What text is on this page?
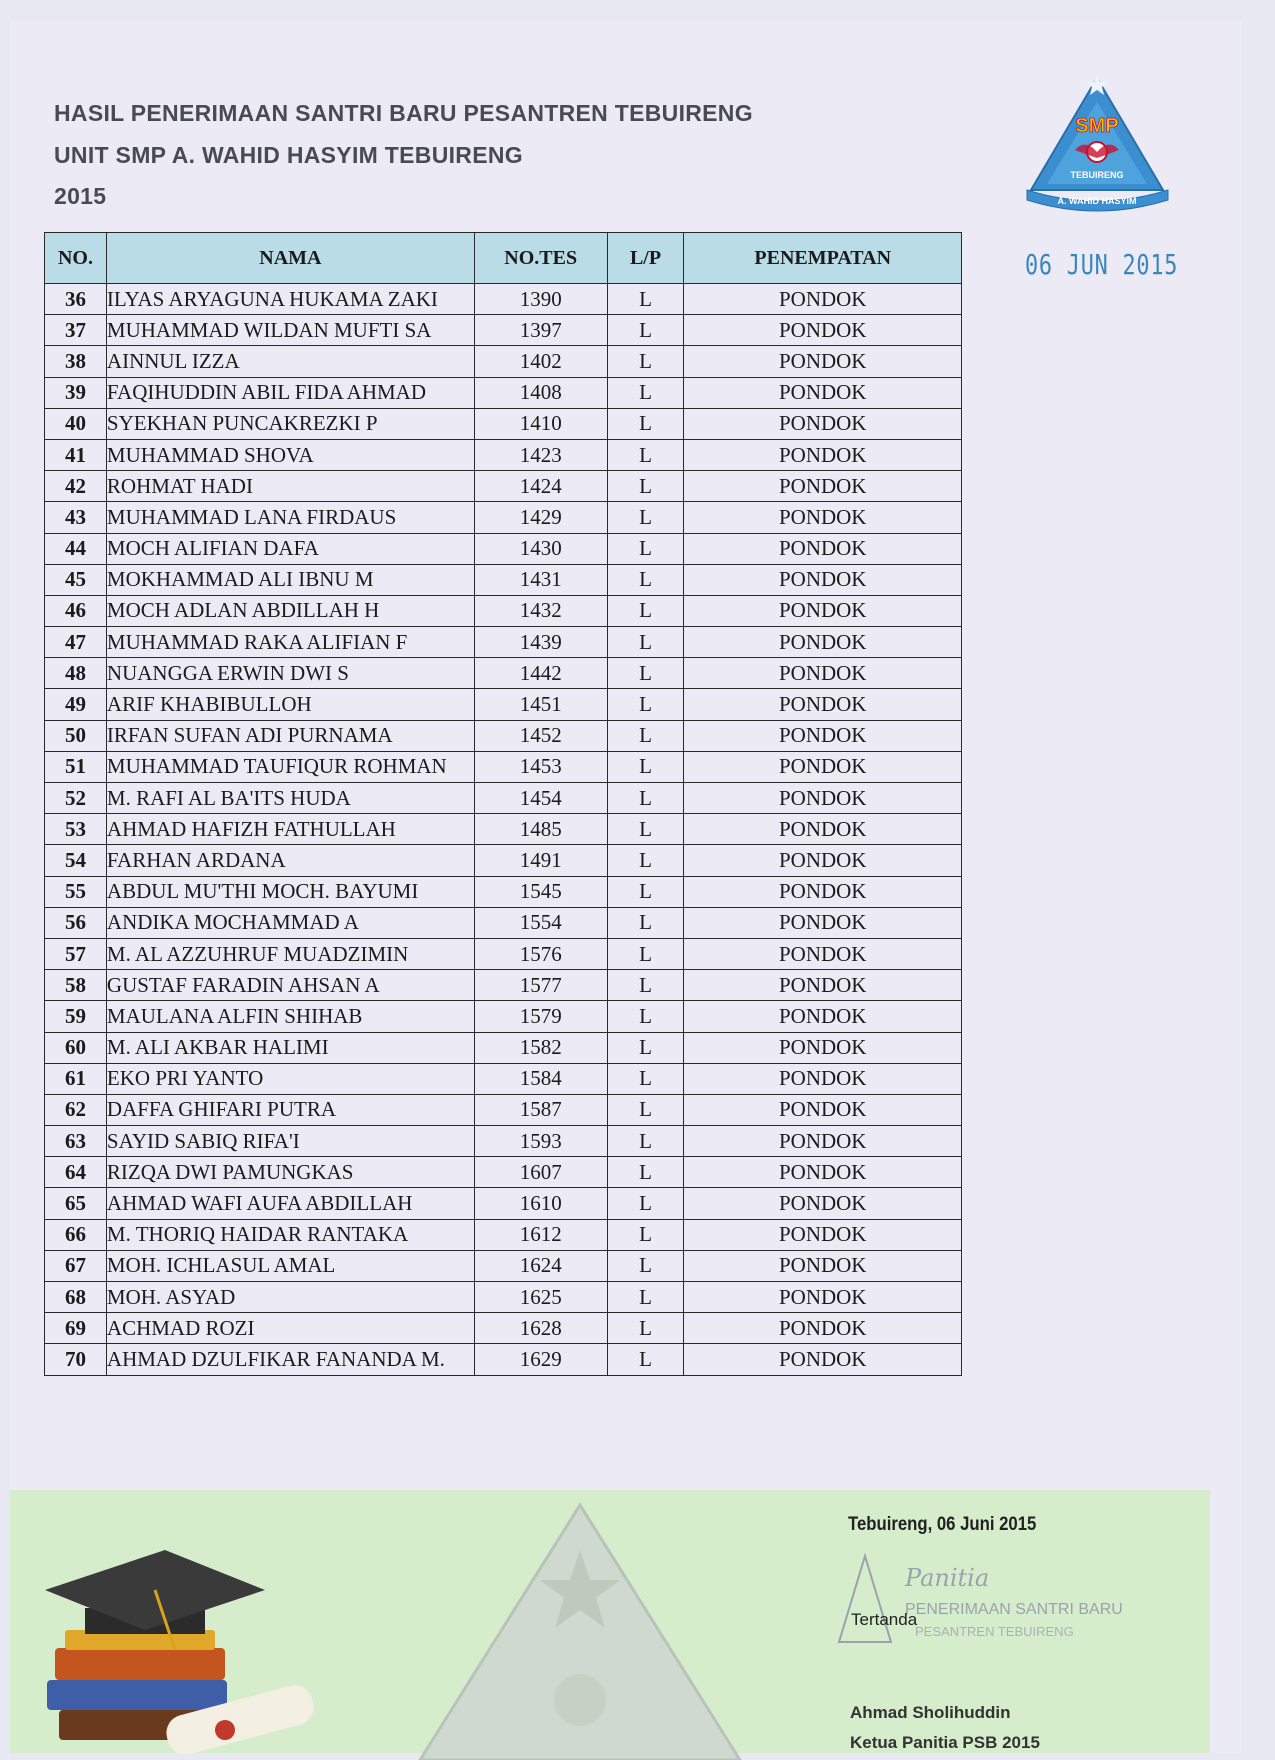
HASIL PENERIMAAN SANTRI BARU PESANTREN TEBUIRENG
UNIT SMP A. WAHID HASYIM TEBUIRENG
2015
SMP
TEBUIRENG
A. WAHID HASYIM
06 JUN 2015
NO.	NAMA	NO.TES	L/P	PENEMPATAN
36	ILYAS ARYAGUNA HUKAMA ZAKI	1390	L	PONDOK
37	MUHAMMAD WILDAN MUFTI SA	1397	L	PONDOK
38	AINNUL IZZA	1402	L	PONDOK
39	FAQIHUDDIN ABIL FIDA AHMAD	1408	L	PONDOK
40	SYEKHAN PUNCAKREZKI P	1410	L	PONDOK
41	MUHAMMAD SHOVA	1423	L	PONDOK
42	ROHMAT HADI	1424	L	PONDOK
43	MUHAMMAD LANA FIRDAUS	1429	L	PONDOK
44	MOCH ALIFIAN DAFA	1430	L	PONDOK
45	MOKHAMMAD ALI IBNU M	1431	L	PONDOK
46	MOCH ADLAN ABDILLAH H	1432	L	PONDOK
47	MUHAMMAD RAKA ALIFIAN F	1439	L	PONDOK
48	NUANGGA ERWIN DWI S	1442	L	PONDOK
49	ARIF KHABIBULLOH	1451	L	PONDOK
50	IRFAN SUFAN ADI PURNAMA	1452	L	PONDOK
51	MUHAMMAD TAUFIQUR ROHMAN	1453	L	PONDOK
52	M. RAFI AL BA'ITS HUDA	1454	L	PONDOK
53	AHMAD HAFIZH FATHULLAH	1485	L	PONDOK
54	FARHAN ARDANA	1491	L	PONDOK
55	ABDUL MU'THI MOCH. BAYUMI	1545	L	PONDOK
56	ANDIKA MOCHAMMAD A	1554	L	PONDOK
57	M. AL AZZUHRUF MUADZIMIN	1576	L	PONDOK
58	GUSTAF FARADIN AHSAN A	1577	L	PONDOK
59	MAULANA ALFIN SHIHAB	1579	L	PONDOK
60	M. ALI AKBAR HALIMI	1582	L	PONDOK
61	EKO PRI YANTO	1584	L	PONDOK
62	DAFFA GHIFARI PUTRA	1587	L	PONDOK
63	SAYID SABIQ RIFA'I	1593	L	PONDOK
64	RIZQA DWI PAMUNGKAS	1607	L	PONDOK
65	AHMAD WAFI AUFA ABDILLAH	1610	L	PONDOK
66	M. THORIQ HAIDAR RANTAKA	1612	L	PONDOK
67	MOH. ICHLASUL AMAL	1624	L	PONDOK
68	MOH. ASYAD	1625	L	PONDOK
69	ACHMAD ROZI	1628	L	PONDOK
70	AHMAD DZULFIKAR FANANDA M.	1629	L	PONDOK
Tebuireng, 06 Juni 2015
Panitia
PENERIMAAN SANTRI BARU
PESANTREN TEBUIRENG
Tertanda
Ahmad Sholihuddin
Ketua Panitia PSB 2015
